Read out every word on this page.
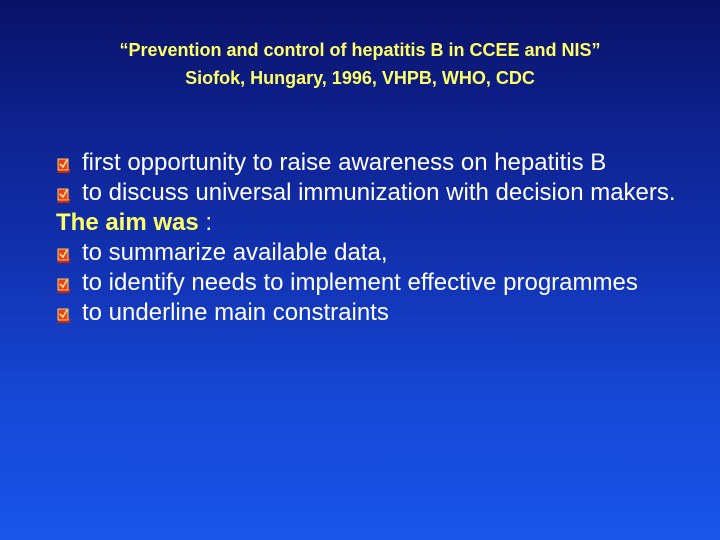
“Prevention and control of hepatitis B in CCEE and NIS”
Siofok, Hungary, 1996, VHPB, WHO, CDC
first opportunity to raise awareness on hepatitis B
to discuss universal immunization with decision makers.
The aim was :
to summarize available data,
to identify needs to implement effective programmes
to underline main constraints
